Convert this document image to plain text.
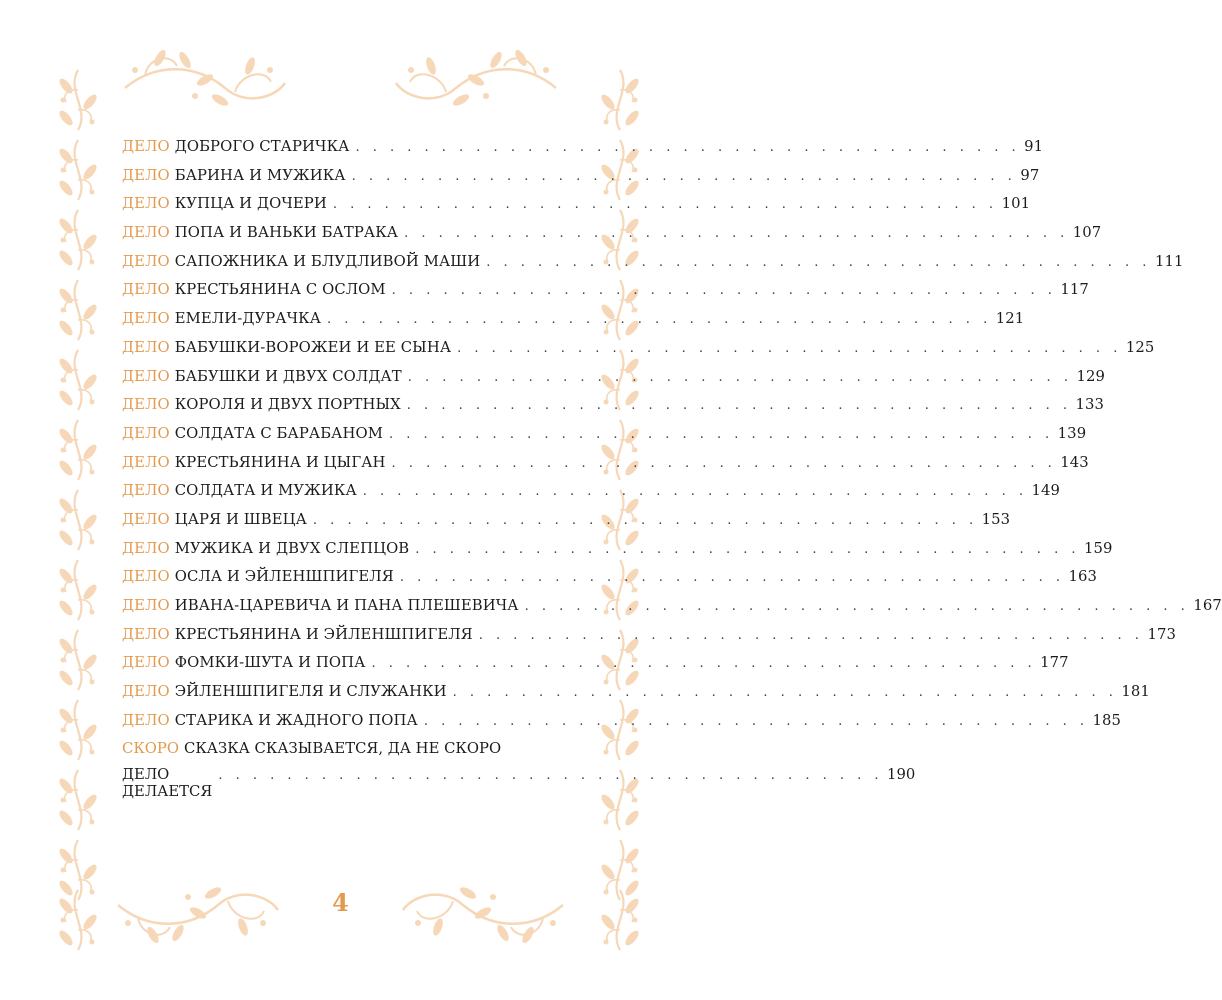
ДЕЛО ДОБРОГО СТАРИЧКА . . . . . . . . . . . . . . . . . . . . . . . . . . . . . . . . . . . . . . . 91
ДЕЛО БАРИНА И МУЖИКА . . . . . . . . . . . . . . . . . . . . . . . . . . . . . . . . . . . . . . . 97
ДЕЛО КУПЦА И ДОЧЕРИ . . . . . . . . . . . . . . . . . . . . . . . . . . . . . . . . . . . . . . . 101
ДЕЛО ПОПА И ВАНЬКИ БАТРАКА . . . . . . . . . . . . . . . . . . . . . . . . . . . . . . . . . . . . . . . 107
ДЕЛО САПОЖНИКА И БЛУДЛИВОЙ МАШИ . . . . . . . . . . . . . . . . . . . . . . . . . . . . . . . . . . . . . . . 111
ДЕЛО КРЕСТЬЯНИНА С ОСЛОМ . . . . . . . . . . . . . . . . . . . . . . . . . . . . . . . . . . . . . . . 117
ДЕЛО ЕМЕЛИ-ДУРАЧКА . . . . . . . . . . . . . . . . . . . . . . . . . . . . . . . . . . . . . . . 121
ДЕЛО БАБУШКИ-ВОРОЖЕИ И ЕЕ СЫНА . . . . . . . . . . . . . . . . . . . . . . . . . . . . . . . . . . . . . . . 125
ДЕЛО БАБУШКИ И ДВУХ СОЛДАТ . . . . . . . . . . . . . . . . . . . . . . . . . . . . . . . . . . . . . . . 129
ДЕЛО КОРОЛЯ И ДВУХ ПОРТНЫХ . . . . . . . . . . . . . . . . . . . . . . . . . . . . . . . . . . . . . . . 133
ДЕЛО СОЛДАТА С БАРАБАНОМ . . . . . . . . . . . . . . . . . . . . . . . . . . . . . . . . . . . . . . . 139
ДЕЛО КРЕСТЬЯНИНА И ЦЫГАН . . . . . . . . . . . . . . . . . . . . . . . . . . . . . . . . . . . . . . . 143
ДЕЛО СОЛДАТА И МУЖИКА . . . . . . . . . . . . . . . . . . . . . . . . . . . . . . . . . . . . . . . 149
ДЕЛО ЦАРЯ И ШВЕЦА . . . . . . . . . . . . . . . . . . . . . . . . . . . . . . . . . . . . . . . 153
ДЕЛО МУЖИКА И ДВУХ СЛЕПЦОВ . . . . . . . . . . . . . . . . . . . . . . . . . . . . . . . . . . . . . . . 159
ДЕЛО ОСЛА И ЭЙЛЕНШПИГЕЛЯ . . . . . . . . . . . . . . . . . . . . . . . . . . . . . . . . . . . . . . . 163
ДЕЛО ИВАНА-ЦАРЕВИЧА И ПАНА ПЛЕШЕВИЧА . . . . . . . . . . . . . . . . . . . . . . . . . . . . . . . . . . . . . . . 167
ДЕЛО КРЕСТЬЯНИНА И ЭЙЛЕНШПИГЕЛЯ . . . . . . . . . . . . . . . . . . . . . . . . . . . . . . . . . . . . . . . 173
ДЕЛО ФОМКИ-ШУТА И ПОПА . . . . . . . . . . . . . . . . . . . . . . . . . . . . . . . . . . . . . . . 177
ДЕЛО ЭЙЛЕНШПИГЕЛЯ И СЛУЖАНКИ . . . . . . . . . . . . . . . . . . . . . . . . . . . . . . . . . . . . . . . 181
ДЕЛО СТАРИКА И ЖАДНОГО ПОПА . . . . . . . . . . . . . . . . . . . . . . . . . . . . . . . . . . . . . . . 185
СКОРО СКАЗКА СКАЗЫВАЕТСЯ, ДА НЕ СКОРО
ДЕЛО ДЕЛАЕТСЯ
. . . . . . . . . . . . . . . . . . . . . . . . . . . . . . . . . . . . . . . 190
4
